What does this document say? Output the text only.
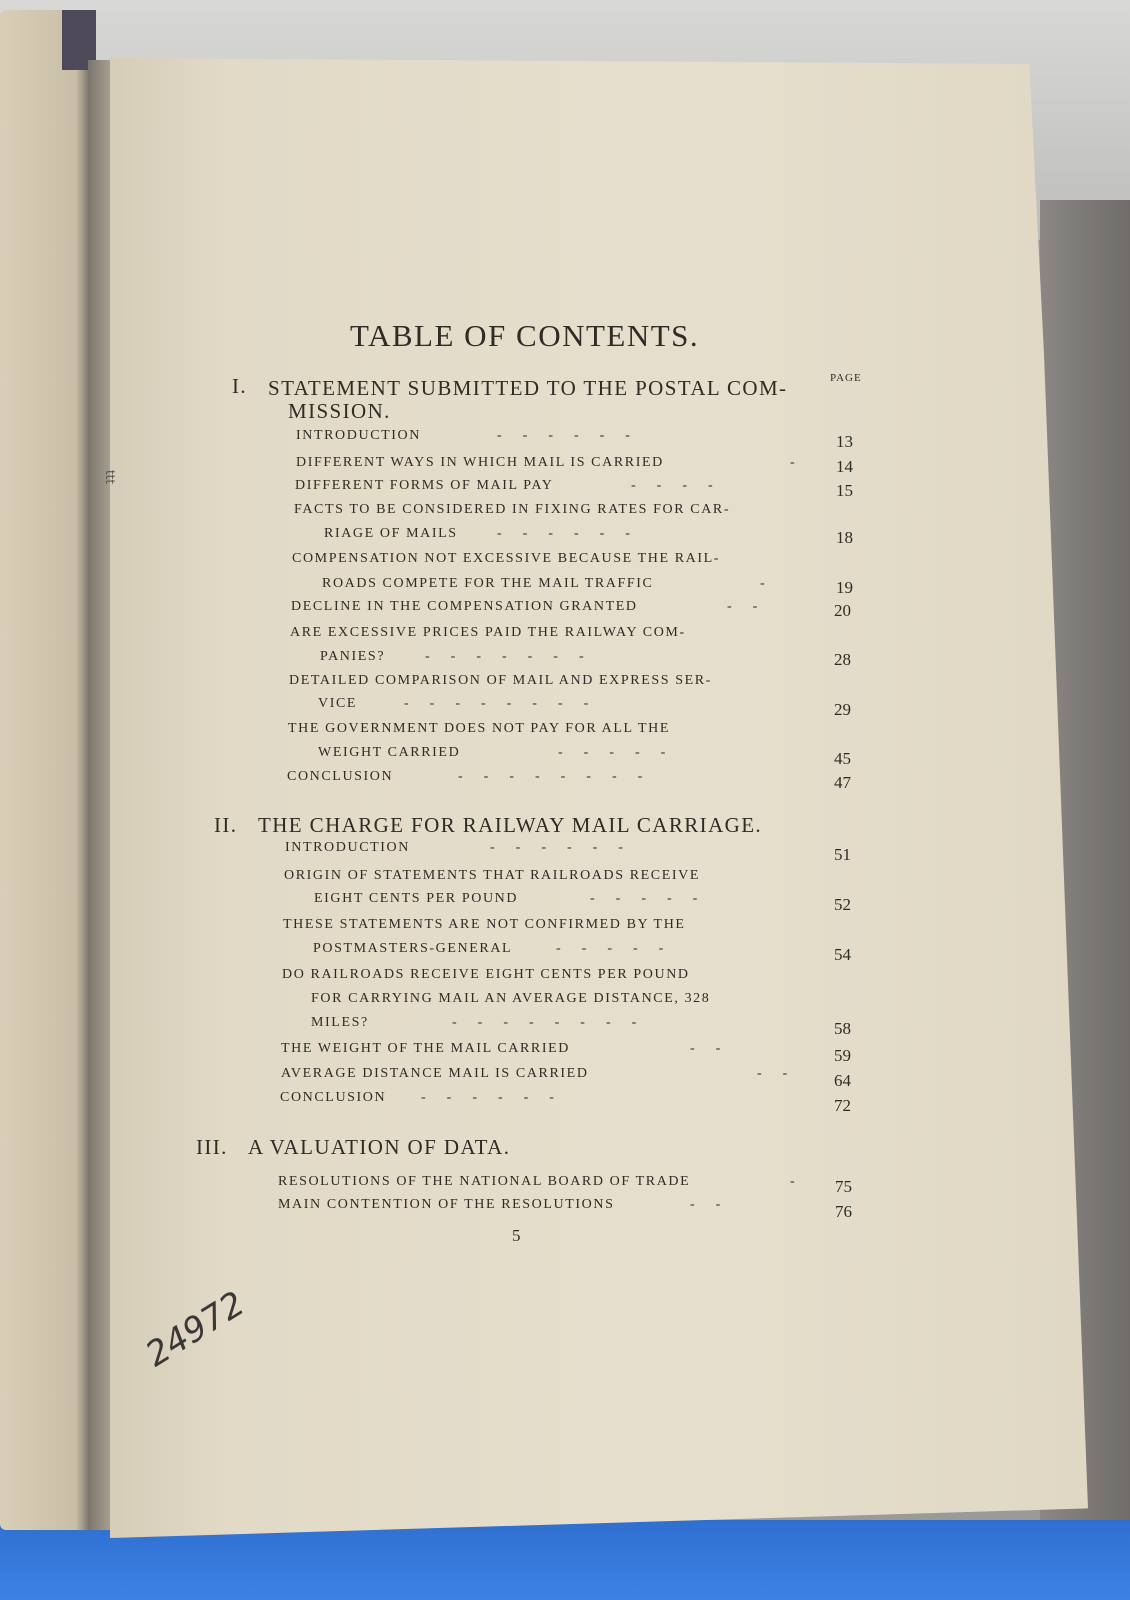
TABLE OF CONTENTS.
PAGE
I. STATEMENT SUBMITTED TO THE POSTAL COM-
MISSION.
INTRODUCTION	-      -      -      -      -      -	13
DIFFERENT WAYS IN WHICH MAIL IS CARRIED	- 14
DIFFERENT FORMS OF MAIL PAY	-      -      -      -	15
FACTS TO BE CONSIDERED IN FIXING RATES FOR CAR-
RIAGE OF MAILS	-      -      -      -      -      -	18
COMPENSATION NOT EXCESSIVE BECAUSE THE RAIL-
ROADS COMPETE FOR THE MAIL TRAFFIC	-	19
DECLINE IN THE COMPENSATION GRANTED	-      -	20
ARE EXCESSIVE PRICES PAID THE RAILWAY COM-
PANIES?	-      -      -      -      -      -      -	28
DETAILED COMPARISON OF MAIL AND EXPRESS SER-
VICE	-      -      -      -      -      -      -      -	29
THE GOVERNMENT DOES NOT PAY FOR ALL THE
WEIGHT CARRIED	-      -      -      -      -	45
CONCLUSION	-      -      -      -      -      -      -      -	47
II. THE CHARGE FOR RAILWAY MAIL CARRIAGE.
INTRODUCTION	-      -      -      -      -      -	51
ORIGIN OF STATEMENTS THAT RAILROADS RECEIVE
EIGHT CENTS PER POUND	-      -      -      -      -	52
THESE STATEMENTS ARE NOT CONFIRMED BY THE
POSTMASTERS-GENERAL	-      -      -      -      -	54
DO RAILROADS RECEIVE EIGHT CENTS PER POUND
FOR CARRYING MAIL AN AVERAGE DISTANCE, 328
MILES?	-      -      -      -      -      -      -      -	58
THE WEIGHT OF THE MAIL CARRIED	-      -	59
AVERAGE DISTANCE MAIL IS CARRIED	-      -	64
CONCLUSION -      -      -      -      -      -	72
III. A VALUATION OF DATA.
RESOLUTIONS OF THE NATIONAL BOARD OF TRADE	- 75
MAIN CONTENTION OF THE RESOLUTIONS	-      -	76
5
24972
ttt
